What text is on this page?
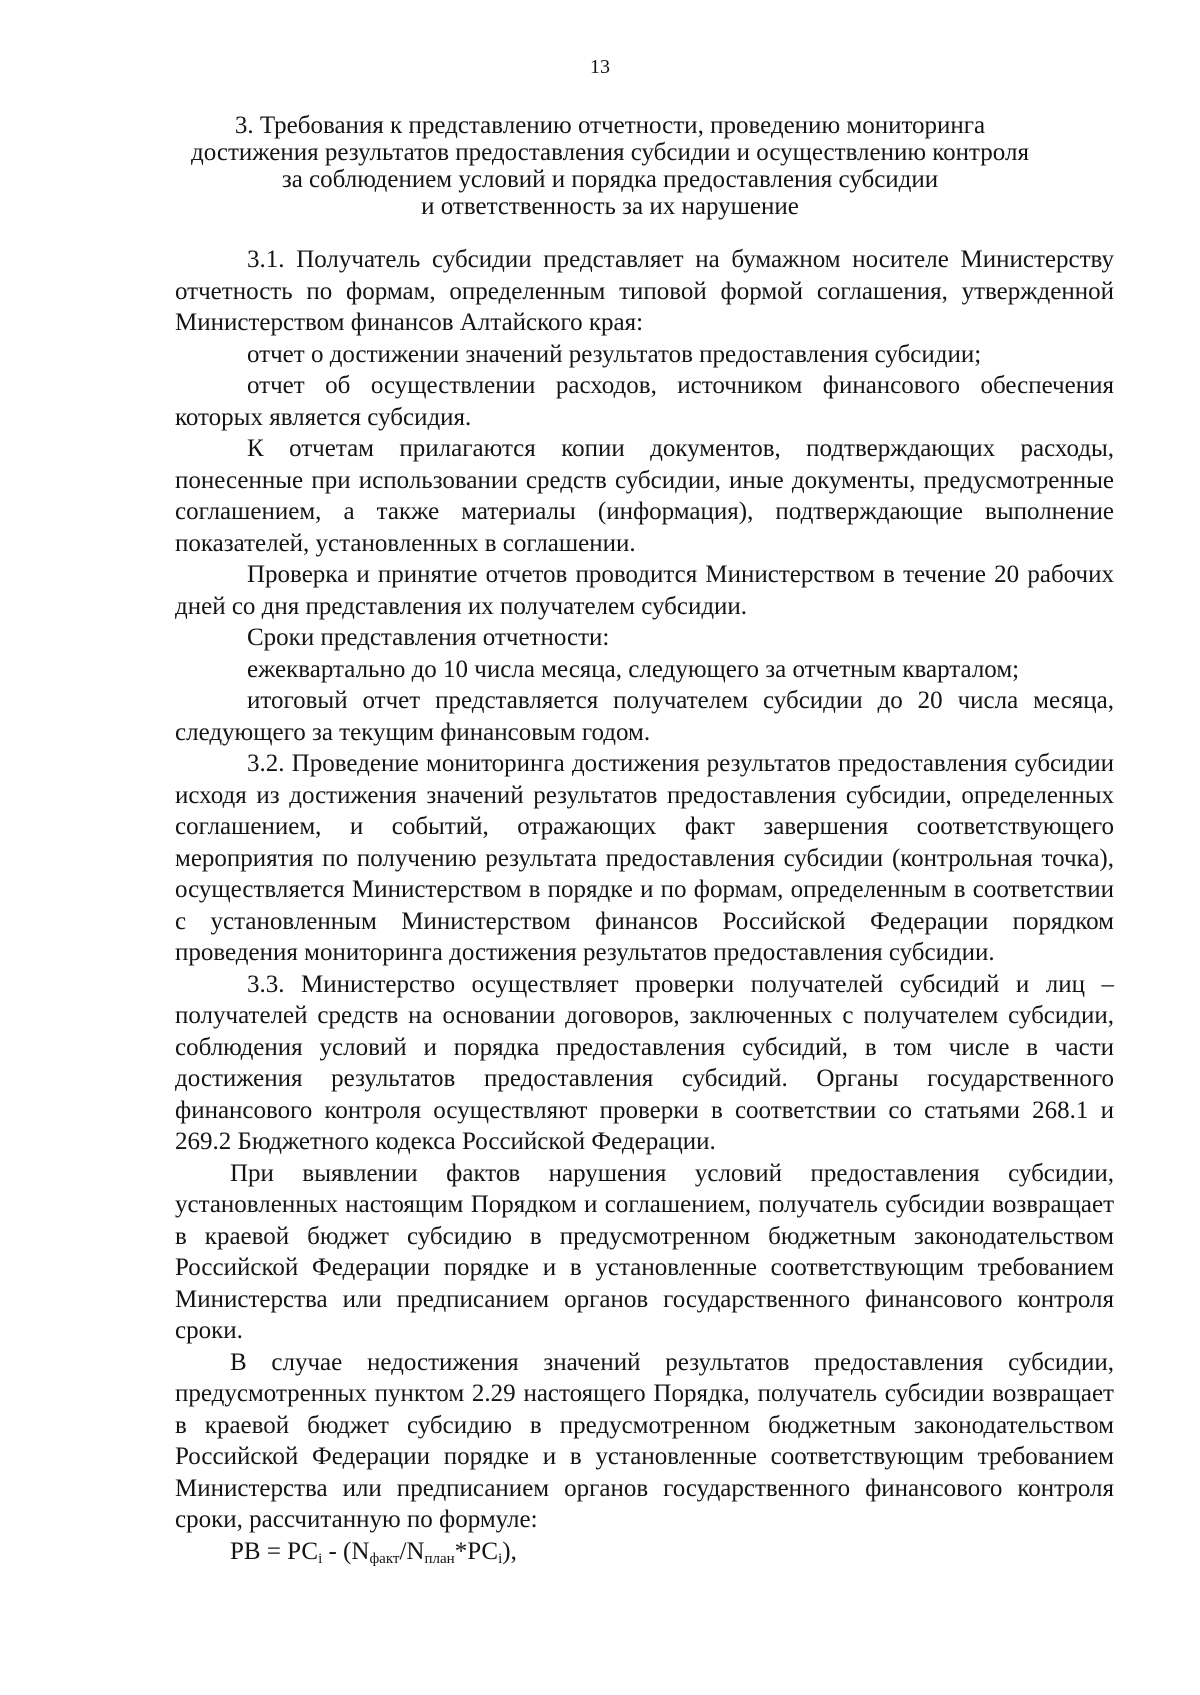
13
3. Требования к представлению отчетности, проведению мониторинга
достижения результатов предоставления субсидии и осуществлению контроля
за соблюдением условий и порядка предоставления субсидии
и ответственность за их нарушение

3.1. Получатель субсидии представляет на бумажном носителе Министерству отчетность по формам, определенным типовой формой соглашения, утвержденной Министерством финансов Алтайского края:

отчет о достижении значений результатов предоставления субсидии;

отчет об осуществлении расходов, источником финансового обеспечения которых является субсидия.

К отчетам прилагаются копии документов, подтверждающих расходы, понесенные при использовании средств субсидии, иные документы, предусмотренные соглашением, а также материалы (информация), подтверждающие выполнение показателей, установленных в соглашении.

Проверка и принятие отчетов проводится Министерством в течение 20 рабочих дней со дня представления их получателем субсидии.

Сроки представления отчетности:

ежеквартально до 10 числа месяца, следующего за отчетным кварталом;

итоговый отчет представляется получателем субсидии до 20 числа месяца, следующего за текущим финансовым годом.

3.2. Проведение мониторинга достижения результатов предоставления субсидии исходя из достижения значений результатов предоставления субсидии, определенных соглашением, и событий, отражающих факт завершения соответствующего мероприятия по получению результата предоставления субсидии (контрольная точка), осуществляется Министерством в порядке и по формам, определенным в соответствии с установленным Министерством финансов Российской Федерации порядком проведения мониторинга достижения результатов предоставления субсидии.

3.3. Министерство осуществляет проверки получателей субсидий и лиц – получателей средств на основании договоров, заключенных с получателем субсидии, соблюдения условий и порядка предоставления субсидий, в том числе в части достижения результатов предоставления субсидий. Органы государственного финансового контроля осуществляют проверки в соответствии со статьями 268.1 и 269.2 Бюджетного кодекса Российской Федерации.

При выявлении фактов нарушения условий предоставления субсидии, установленных настоящим Порядком и соглашением, получатель субсидии возвращает в краевой бюджет субсидию в предусмотренном бюджетным законодательством Российской Федерации порядке и в установленные соответствующим требованием Министерства или предписанием органов государственного финансового контроля сроки.

В случае недостижения значений результатов предоставления субсидии, предусмотренных пунктом 2.29 настоящего Порядка, получатель субсидии возвращает в краевой бюджет субсидию в предусмотренном бюджетным законодательством Российской Федерации порядке и в установленные соответствующим требованием Министерства или предписанием органов государственного финансового контроля сроки, рассчитанную по формуле:

РВ = $РС_i - (N_{факт}/N_{план}*РС_i)$,
